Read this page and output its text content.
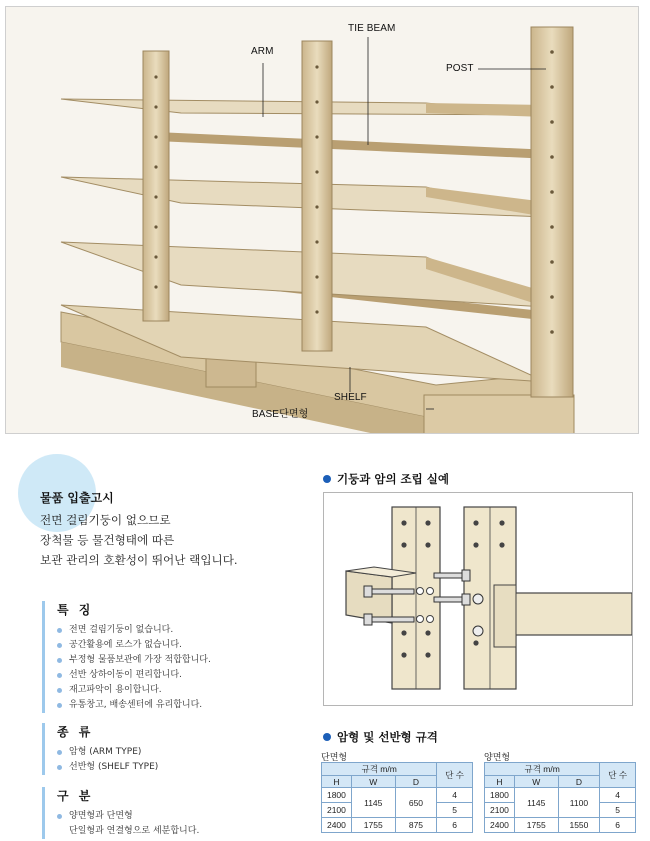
ARM
TIE BEAM
POST
SHELF
BASE단면형
물품 입출고시
전면 걸림기둥이 없으므로
장척물 등 물건형태에 따른
보관 관리의 호환성이 뛰어난 랙입니다.
특 징
전면 걸림기둥이 없습니다.
공간활용에 로스가 없습니다.
부정형 물품보관에 가장 적합합니다.
선반 상하이동이 편리합니다.
재고파악이 용이합니다.
유통창고, 배송센터에 유리합니다.
종 류
암형 (ARM TYPE)
선반형 (SHELF TYPE)
구 분
양면형과 단면형
단일형과 연결형으로 세분합니다.
기둥과 암의 조립 실예
암형 및 선반형 규격
단면형
규격 m/m			단 수
H	W	D	
1800	1145	650	4
2100			5
2400	1755	875	6
양면형
규격 m/m			단 수
H	W	D	
1800	1145	1100	4
2100			5
2400	1755	1550	6
